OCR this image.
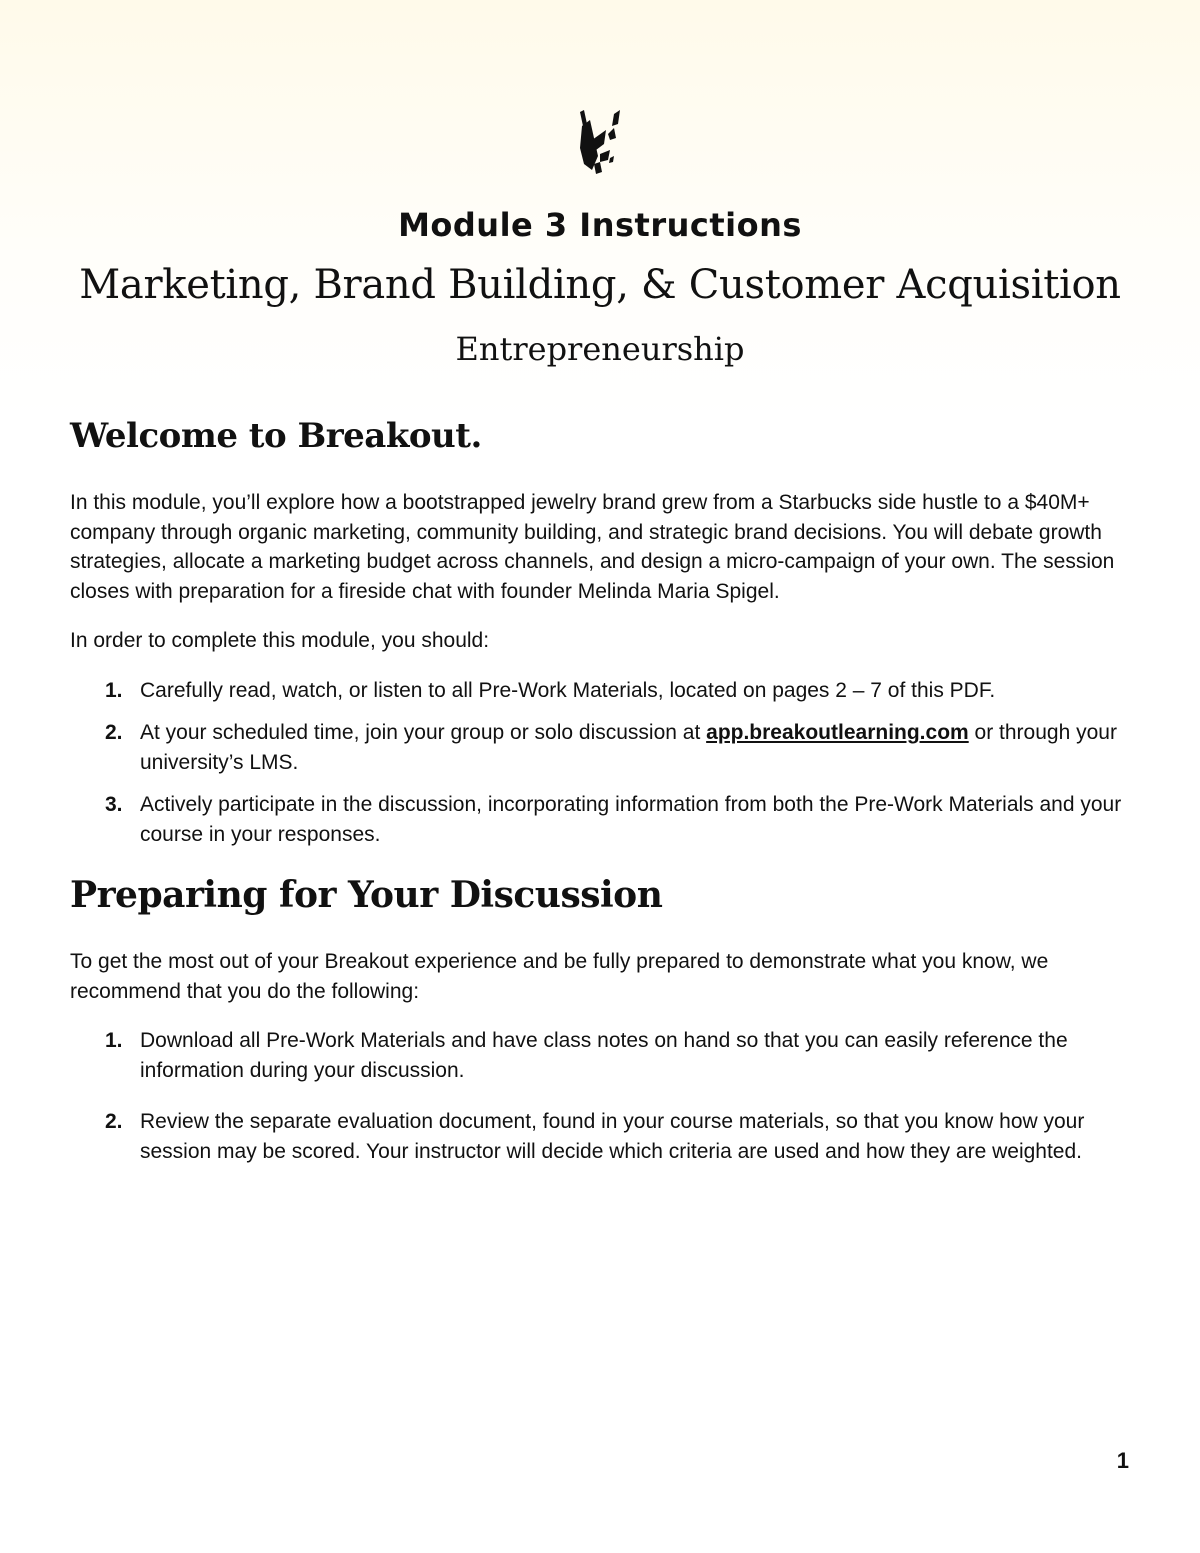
Module 3 Instructions
Marketing, Brand Building, & Customer Acquisition
Entrepreneurship
Welcome to Breakout.

In this module, you’ll explore how a bootstrapped jewelry brand grew from a Starbucks side hustle to a $40M+ company through organic marketing, community building, and strategic brand decisions. You will debate growth strategies, allocate a marketing budget across channels, and design a micro-campaign of your own. The session closes with preparation for a fireside chat with founder Melinda Maria Spigel.

In order to complete this module, you should:

1. Carefully read, watch, or listen to all Pre-Work Materials, located on pages 2 – 7 of this PDF.
2. At your scheduled time, join your group or solo discussion at app.breakoutlearning.com or through your university’s LMS.
3. Actively participate in the discussion, incorporating information from both the Pre-Work Materials and your course in your responses.
Preparing for Your Discussion

To get the most out of your Breakout experience and be fully prepared to demonstrate what you know, we recommend that you do the following:

1. Download all Pre-Work Materials and have class notes on hand so that you can easily reference the information during your discussion.
2. Review the separate evaluation document, found in your course materials, so that you know how your session may be scored. Your instructor will decide which criteria are used and how they are weighted.
1
